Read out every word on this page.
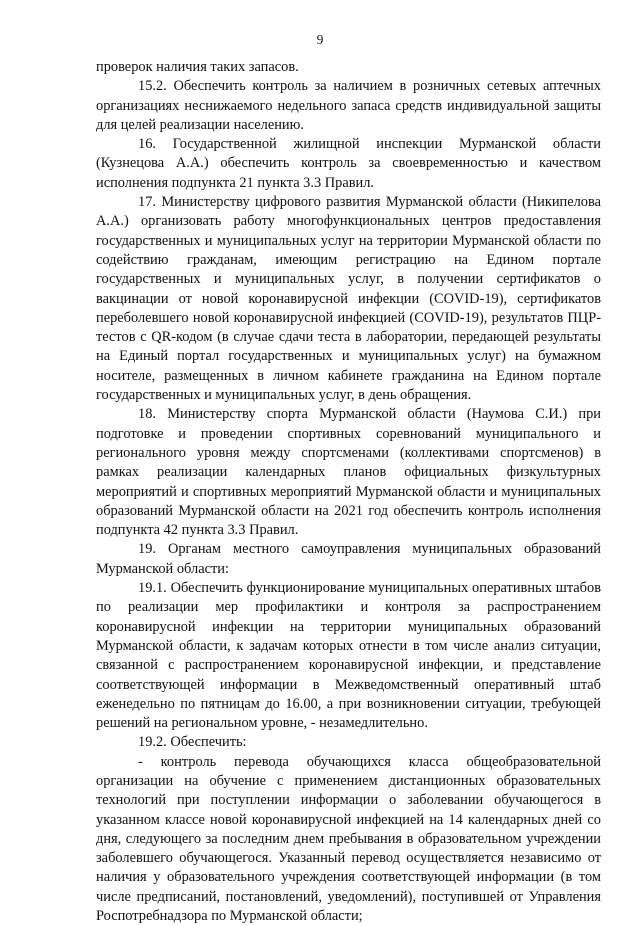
9

проверок наличия таких запасов.

15.2. Обеспечить контроль за наличием в розничных сетевых аптечных организациях неснижаемого недельного запаса средств индивидуальной защиты для целей реализации населению.

16. Государственной жилищной инспекции Мурманской области (Кузнецова А.А.) обеспечить контроль за своевременностью и качеством исполнения подпункта 21 пункта 3.3 Правил.

17. Министерству цифрового развития Мурманской области (Никипелова А.А.) организовать работу многофункциональных центров предоставления государственных и муниципальных услуг на территории Мурманской области по содействию гражданам, имеющим регистрацию на Едином портале государственных и муниципальных услуг, в получении сертификатов о вакцинации от новой коронавирусной инфекции (COVID-19), сертификатов переболевшего новой коронавирусной инфекцией (COVID-19), результатов ПЦР-тестов с QR-кодом (в случае сдачи теста в лаборатории, передающей результаты на Единый портал государственных и муниципальных услуг) на бумажном носителе, размещенных в личном кабинете гражданина на Едином портале государственных и муниципальных услуг, в день обращения.

18. Министерству спорта Мурманской области (Наумова С.И.) при подготовке и проведении спортивных соревнований муниципального и регионального уровня между спортсменами (коллективами спортсменов) в рамках реализации календарных планов официальных физкультурных мероприятий и спортивных мероприятий Мурманской области и муниципальных образований Мурманской области на 2021 год обеспечить контроль исполнения подпункта 42 пункта 3.3 Правил.

19. Органам местного самоуправления муниципальных образований Мурманской области:

19.1. Обеспечить функционирование муниципальных оперативных штабов по реализации мер профилактики и контроля за распространением коронавирусной инфекции на территории муниципальных образований Мурманской области, к задачам которых отнести в том числе анализ ситуации, связанной с распространением коронавирусной инфекции, и представление соответствующей информации в Межведомственный оперативный штаб еженедельно по пятницам до 16.00, а при возникновении ситуации, требующей решений на региональном уровне, - незамедлительно.

19.2. Обеспечить:

- контроль перевода обучающихся класса общеобразовательной организации на обучение с применением дистанционных образовательных технологий при поступлении информации о заболевании обучающегося в указанном классе новой коронавирусной инфекцией на 14 календарных дней со дня, следующего за последним днем пребывания в образовательном учреждении заболевшего обучающегося. Указанный перевод осуществляется независимо от наличия у образовательного учреждения соответствующей информации (в том числе предписаний, постановлений, уведомлений), поступившей от Управления Роспотребнадзора по Мурманской области;
